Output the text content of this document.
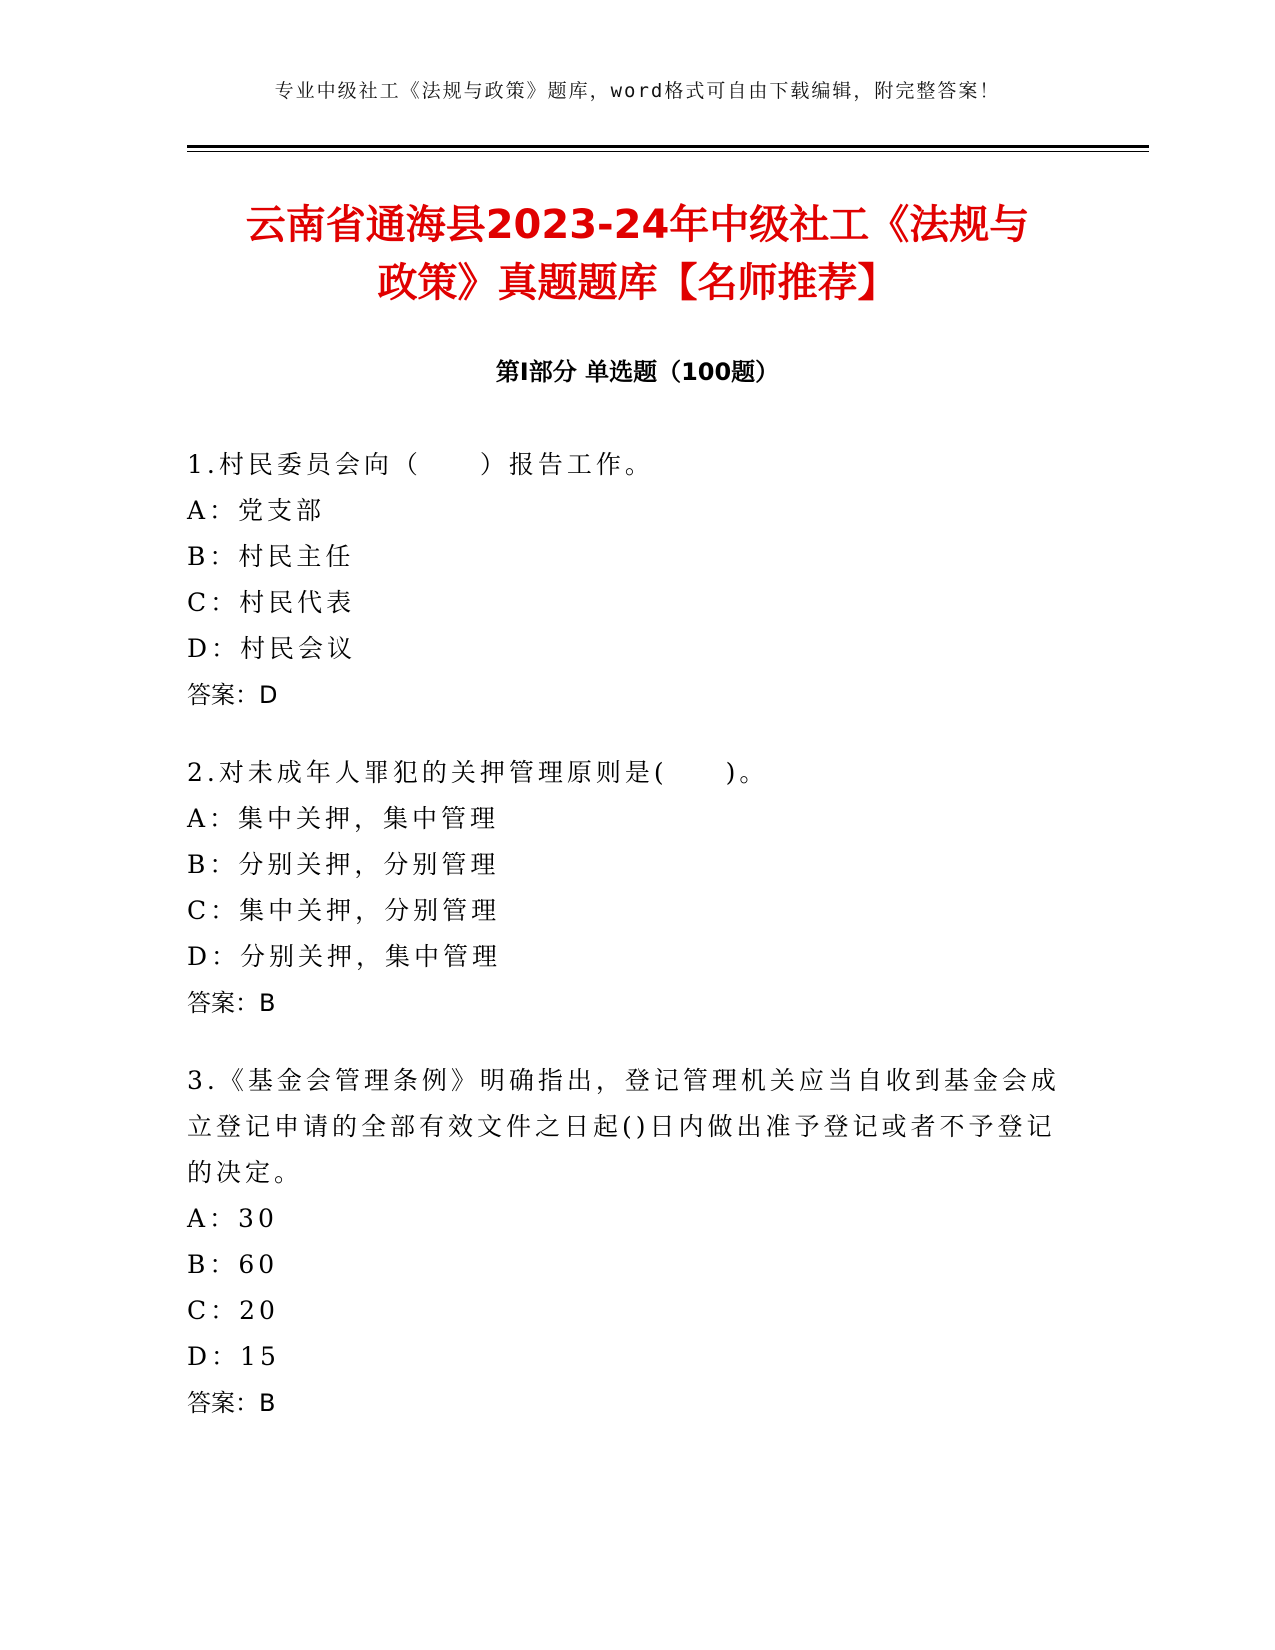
专业中级社工《法规与政策》题库，word格式可自由下载编辑，附完整答案！
云南省通海县2023-24年中级社工《法规与
政策》真题题库【名师推荐】
第I部分 单选题（100题）

1.村民委员会向（　　）报告工作。

A：党支部

B：村民主任

C：村民代表

D：村民会议

答案：D

2.对未成年人罪犯的关押管理原则是(　　)。

A：集中关押，集中管理

B：分别关押，分别管理

C：集中关押，分别管理

D：分别关押，集中管理

答案：B

3.《基金会管理条例》明确指出，登记管理机关应当自收到基金会成

立登记申请的全部有效文件之日起()日内做出准予登记或者不予登记

的决定。

A：30

B：60

C：20

D：15

答案：B
